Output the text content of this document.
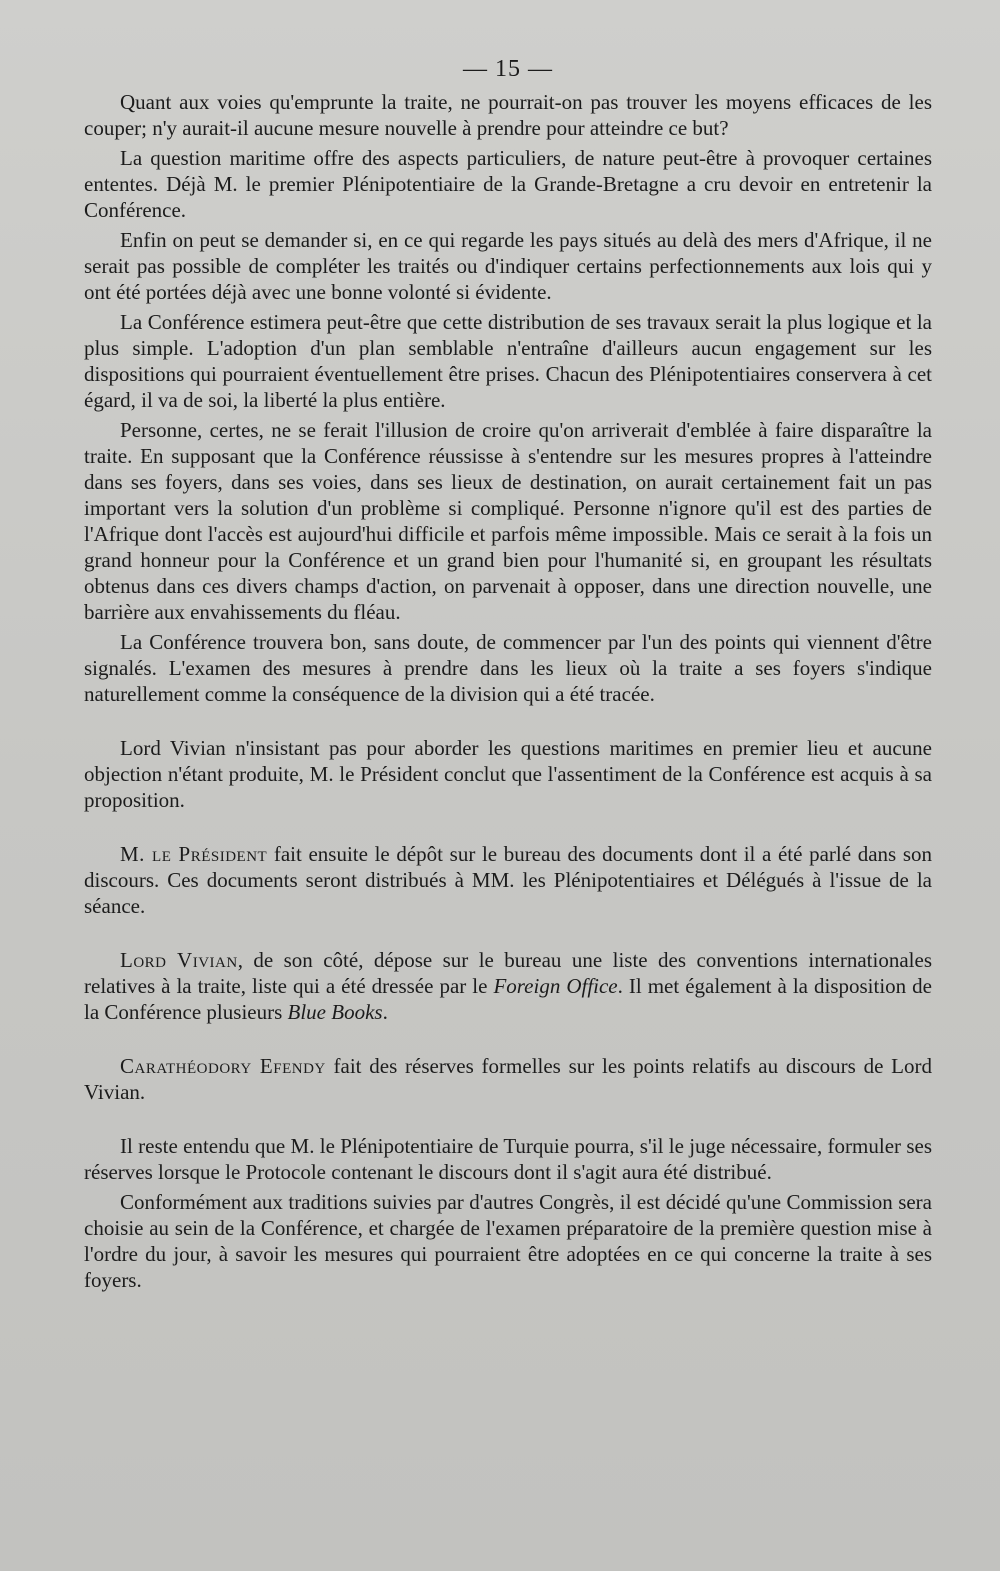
— 15 —

Quant aux voies qu'emprunte la traite, ne pourrait-on pas trouver les moyens efficaces de les couper; n'y aurait-il aucune mesure nouvelle à prendre pour atteindre ce but?

La question maritime offre des aspects particuliers, de nature peut-être à provoquer certaines ententes. Déjà M. le premier Plénipotentiaire de la Grande-Bretagne a cru devoir en entretenir la Conférence.

Enfin on peut se demander si, en ce qui regarde les pays situés au delà des mers d'Afrique, il ne serait pas possible de compléter les traités ou d'indiquer certains perfectionnements aux lois qui y ont été portées déjà avec une bonne volonté si évidente.

La Conférence estimera peut-être que cette distribution de ses travaux serait la plus logique et la plus simple. L'adoption d'un plan semblable n'entraîne d'ailleurs aucun engagement sur les dispositions qui pourraient éventuellement être prises. Chacun des Plénipotentiaires conservera à cet égard, il va de soi, la liberté la plus entière.

Personne, certes, ne se ferait l'illusion de croire qu'on arriverait d'emblée à faire disparaître la traite. En supposant que la Conférence réussisse à s'entendre sur les mesures propres à l'atteindre dans ses foyers, dans ses voies, dans ses lieux de destination, on aurait certainement fait un pas important vers la solution d'un problème si compliqué. Personne n'ignore qu'il est des parties de l'Afrique dont l'accès est aujourd'hui difficile et parfois même impossible. Mais ce serait à la fois un grand honneur pour la Conférence et un grand bien pour l'humanité si, en groupant les résultats obtenus dans ces divers champs d'action, on parvenait à opposer, dans une direction nouvelle, une barrière aux envahissements du fléau.

La Conférence trouvera bon, sans doute, de commencer par l'un des points qui viennent d'être signalés. L'examen des mesures à prendre dans les lieux où la traite a ses foyers s'indique naturellement comme la conséquence de la division qui a été tracée.

Lord Vivian n'insistant pas pour aborder les questions maritimes en premier lieu et aucune objection n'étant produite, M. le Président conclut que l'assentiment de la Conférence est acquis à sa proposition.

M. le Président fait ensuite le dépôt sur le bureau des documents dont il a été parlé dans son discours. Ces documents seront distribués à MM. les Plénipotentiaires et Délégués à l'issue de la séance.

Lord Vivian, de son côté, dépose sur le bureau une liste des conventions internationales relatives à la traite, liste qui a été dressée par le Foreign Office. Il met également à la disposition de la Conférence plusieurs Blue Books.

Carathéodory Efendy fait des réserves formelles sur les points relatifs au discours de Lord Vivian.

Il reste entendu que M. le Plénipotentiaire de Turquie pourra, s'il le juge nécessaire, formuler ses réserves lorsque le Protocole contenant le discours dont il s'agit aura été distribué.

Conformément aux traditions suivies par d'autres Congrès, il est décidé qu'une Commission sera choisie au sein de la Conférence, et chargée de l'examen préparatoire de la première question mise à l'ordre du jour, à savoir les mesures qui pourraient être adoptées en ce qui concerne la traite à ses foyers.
